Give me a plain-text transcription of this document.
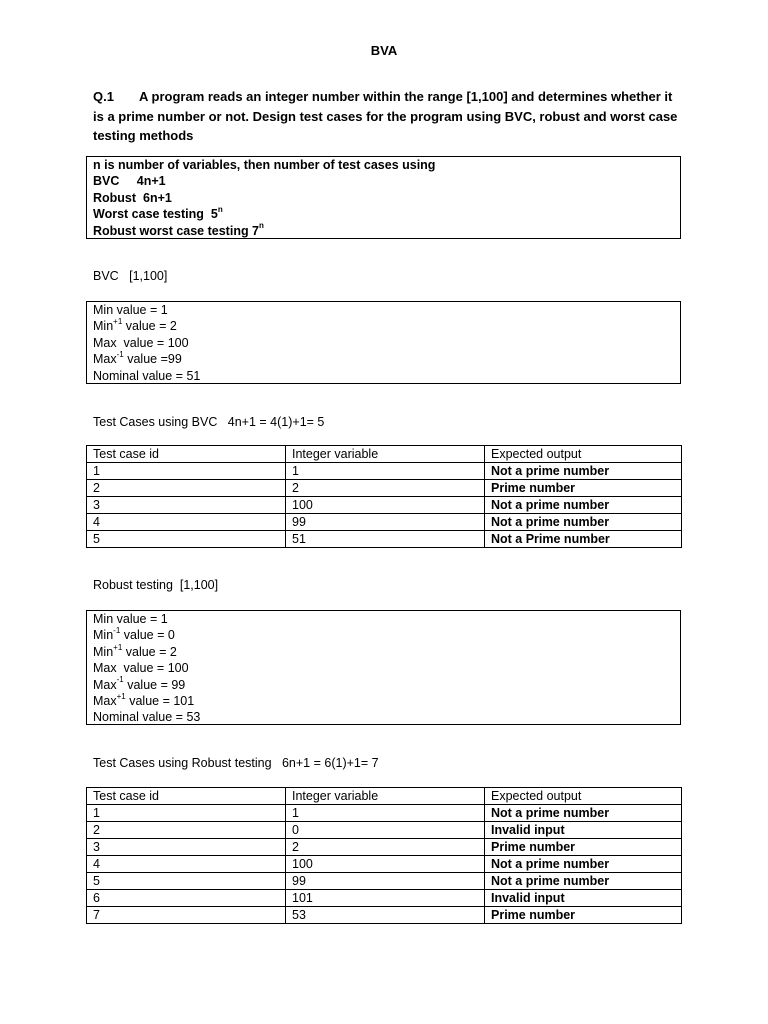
BVA
Q.1 A program reads an integer number within the range [1,100] and determines whether it is a prime number or not. Design test cases for the program using BVC, robust and worst case testing methods
n is number of variables, then number of test cases using
BVC     4n+1
Robust  6n+1
Worst case testing  5$^n$
Robust worst case testing 7$^n$
BVC   [1,100]
Min value = 1
Min$^{+1}$ value = 2
Max  value = 100
Max$^{-1}$ value =99
Nominal value = 51
Test Cases using BVC   4n+1 = 4(1)+1= 5
Test case id	Integer variable	Expected output
1	1	Not a prime number
2	2	Prime number
3	100	Not a prime number
4	99	Not a prime number
5	51	Not a Prime number
Robust testing  [1,100]
Min value = 1
Min$^{-1}$ value = 0
Min$^{+1}$ value = 2
Max  value = 100
Max$^{-1}$ value = 99
Max$^{+1}$ value = 101
Nominal value = 53
Test Cases using Robust testing   6n+1 = 6(1)+1= 7
Test case id	Integer variable	Expected output
1	1	Not a prime number
2	0	Invalid input
3	2	Prime number
4	100	Not a prime number
5	99	Not a prime number
6	101	Invalid input
7	53	Prime number
